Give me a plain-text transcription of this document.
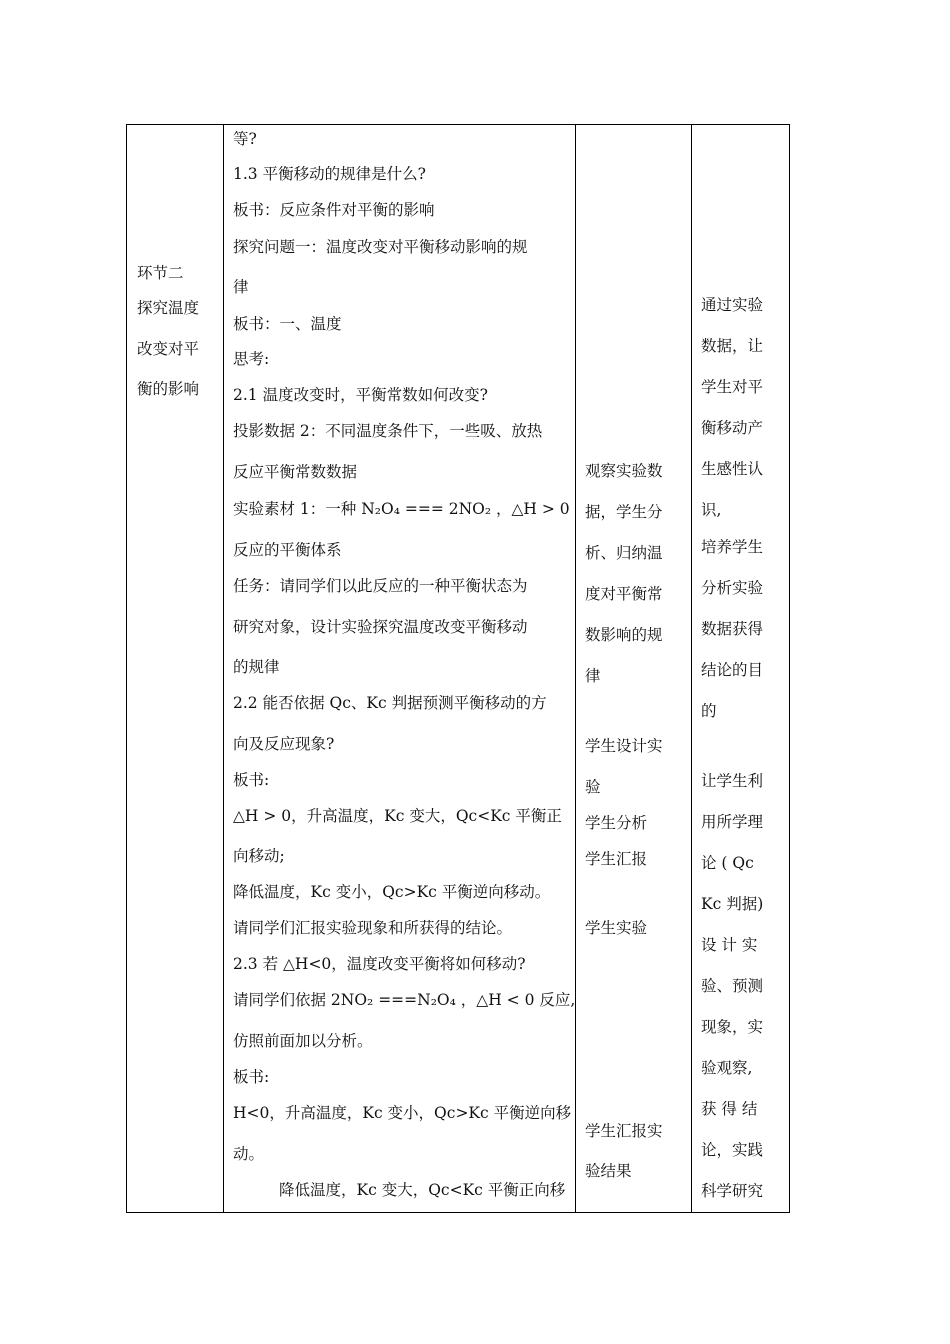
环节二
探究温度
改变对平
衡的影响
等?
1.3 平衡移动的规律是什么?
板书：反应条件对平衡的影响
探究问题一：温度改变对平衡移动影响的规
律
板书：一、温度
思考:
2.1 温度改变时，平衡常数如何改变?
投影数据 2：不同温度条件下，一些吸、放热
反应平衡常数数据
实验素材 1：一种 N₂O₄ === 2NO₂ ，△H > 0
反应的平衡体系
任务：请同学们以此反应的一种平衡状态为
研究对象，设计实验探究温度改变平衡移动
的规律
2.2 能否依据 Qc、Kc 判据预测平衡移动的方
向及反应现象?
板书:
△H > 0，升高温度，Kc 变大，Qc<Kc 平衡正
向移动;
降低温度，Kc 变小，Qc>Kc 平衡逆向移动。
请同学们汇报实验现象和所获得的结论。
2.3 若 △H<0，温度改变平衡将如何移动?
请同学们依据 2NO₂ ===N₂O₄ ，△H < 0 反应,
仿照前面加以分析。
板书:
H<0，升高温度，Kc 变小，Qc>Kc 平衡逆向移
动。
降低温度，Kc 变大，Qc<Kc 平衡正向移
观察实验数
据，学生分
析、归纳温
度对平衡常
数影响的规
律
学生设计实
验
学生分析
学生汇报
学生实验
学生汇报实
验结果
通过实验
数据，让
学生对平
衡移动产
生感性认
识,
培养学生
分析实验
数据获得
结论的目
的
让学生利
用所学理
论 ( Qc
Kc 判据)
设 计 实
验、预测
现象，实
验观察,
获 得 结
论，实践
科学研究
